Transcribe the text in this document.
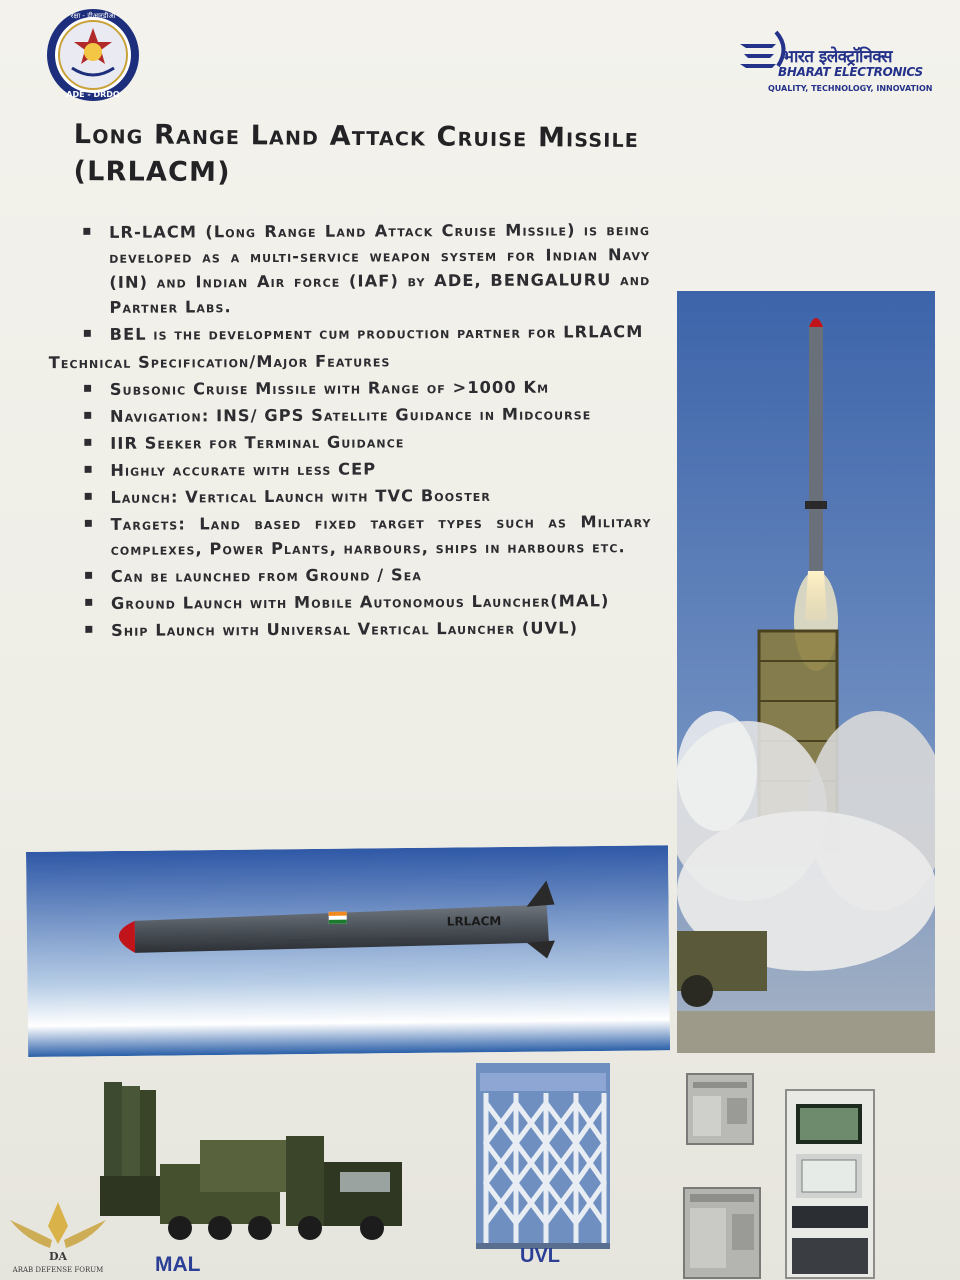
रक्षा - डीआरडीओ
ADE - DRDO
भारत इलेक्ट्रॉनिक्स
BHARAT ELECTRONICS
QUALITY, TECHNOLOGY, INNOVATION
Long Range Land Attack Cruise Missile
(LRLACM)
▪ LR-LACM (Long Range Land Attack Cruise Missile) is being developed as a multi-service weapon system for Indian Navy (IN) and Indian Air force (IAF) by ADE, BENGALURU and Partner Labs.
▪ BEL is the development cum production partner for LRLACM
Technical Specification/Major Features
▪ Subsonic Cruise Missile with Range of >1000 Km
▪ Navigation: INS/ GPS Satellite Guidance in Midcourse
▪ IIR Seeker for Terminal Guidance
▪ Highly accurate with less CEP
▪ Launch: Vertical Launch with TVC Booster
▪ Targets: Land based fixed target types such as Military complexes, Power Plants, harbours, ships in harbours etc.
▪ Can be launched from Ground / Sea
▪ Ground Launch with Mobile Autonomous Launcher(MAL)
▪ Ship Launch with Universal Vertical Launcher (UVL)
LRLACM
MAL	UVL
DA
ARAB DEFENSE FORUM
